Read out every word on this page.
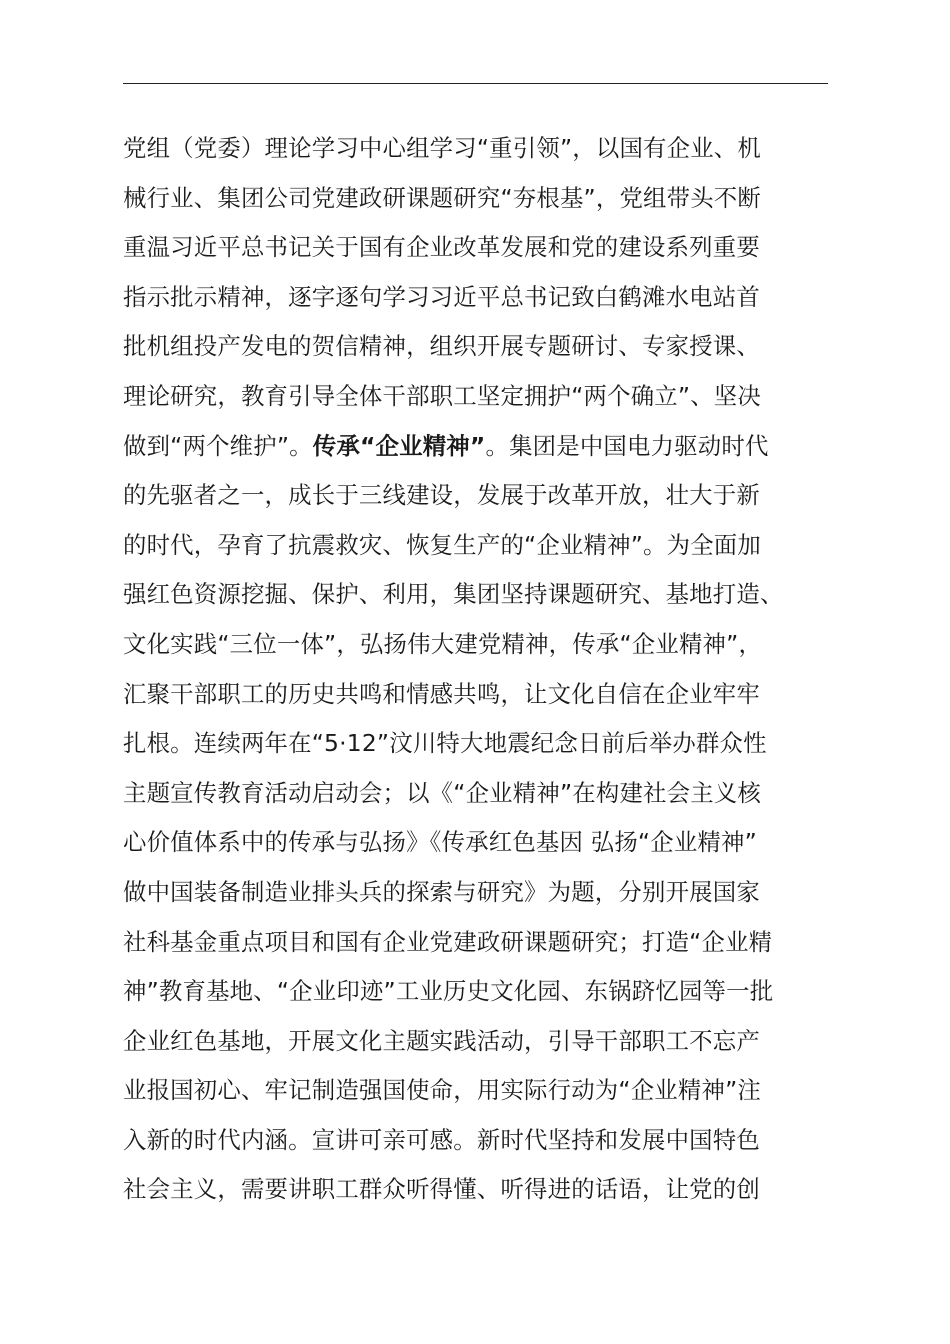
党组（党委）理论学习中心组学习“重引领”，以国有企业、机
械行业、集团公司党建政研课题研究“夯根基”，党组带头不断
重温习近平总书记关于国有企业改革发展和党的建设系列重要
指示批示精神，逐字逐句学习习近平总书记致白鹤滩水电站首
批机组投产发电的贺信精神，组织开展专题研讨、专家授课、
理论研究，教育引导全体干部职工坚定拥护“两个确立”、坚决
做到“两个维护”。传承“企业精神”。集团是中国电力驱动时代
的先驱者之一，成长于三线建设，发展于改革开放，壮大于新
的时代，孕育了抗震救灾、恢复生产的“企业精神”。为全面加
强红色资源挖掘、保护、利用，集团坚持课题研究、基地打造、
文化实践“三位一体”，弘扬伟大建党精神，传承“企业精神”，
汇聚干部职工的历史共鸣和情感共鸣，让文化自信在企业牢牢
扎根。连续两年在“5·12”汶川特大地震纪念日前后举办群众性
主题宣传教育活动启动会；以《“企业精神”在构建社会主义核
心价值体系中的传承与弘扬》《传承红色基因 弘扬“企业精神”
做中国装备制造业排头兵的探索与研究》为题，分别开展国家
社科基金重点项目和国有企业党建政研课题研究；打造“企业精
神”教育基地、“企业印迹”工业历史文化园、东锅跻忆园等一批
企业红色基地，开展文化主题实践活动，引导干部职工不忘产
业报国初心、牢记制造强国使命，用实际行动为“企业精神”注
入新的时代内涵。宣讲可亲可感。新时代坚持和发展中国特色
社会主义，需要讲职工群众听得懂、听得进的话语，让党的创
